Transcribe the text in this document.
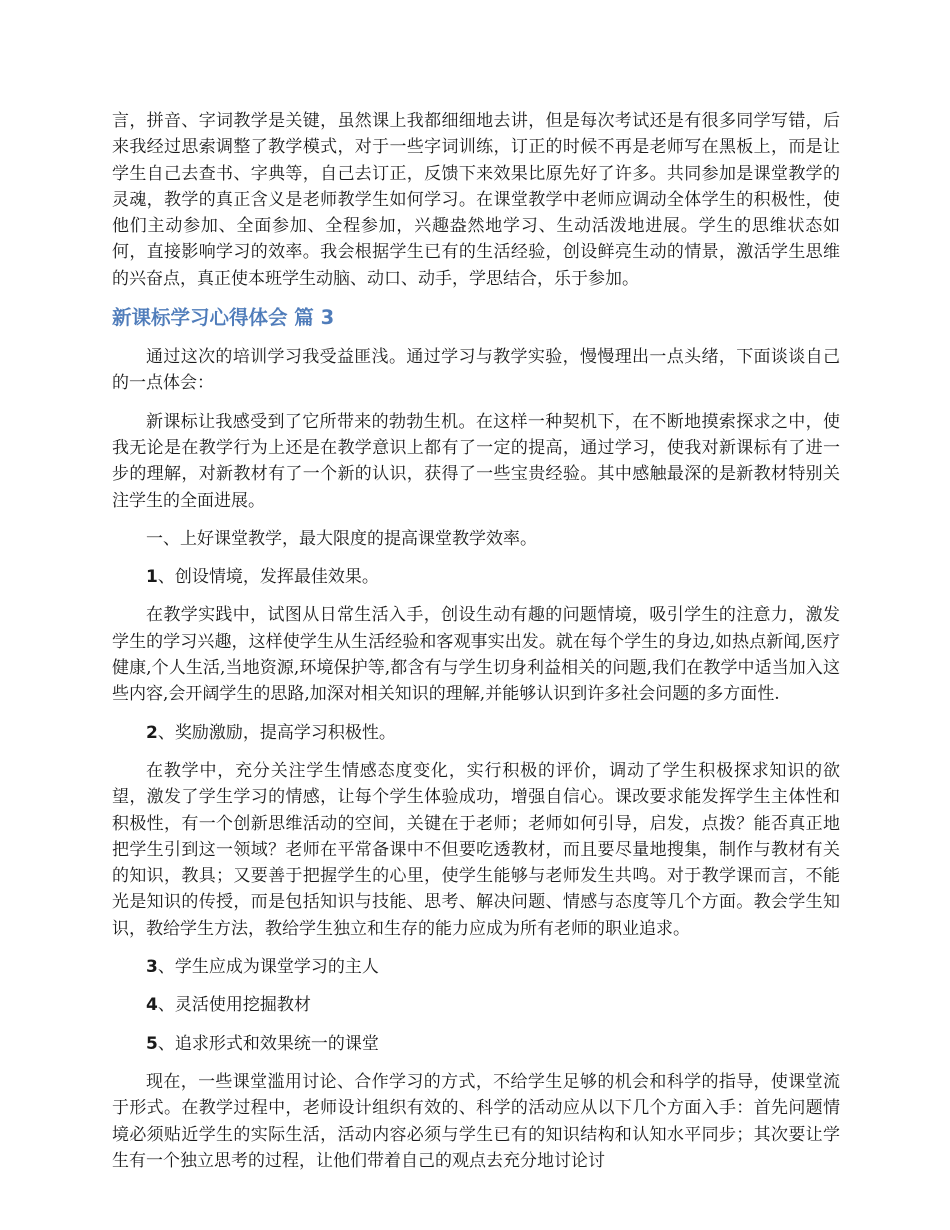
言，拼音、字词教学是关键，虽然课上我都细细地去讲，但是每次考试还是有很多同学写错，后来我经过思索调整了教学模式，对于一些字词训练，订正的时候不再是老师写在黑板上，而是让学生自己去查书、字典等，自己去订正，反馈下来效果比原先好了许多。共同参加是课堂教学的灵魂，教学的真正含义是老师教学生如何学习。在课堂教学中老师应调动全体学生的积极性，使他们主动参加、全面参加、全程参加，兴趣盎然地学习、生动活泼地进展。学生的思维状态如何，直接影响学习的效率。我会根据学生已有的生活经验，创设鲜亮生动的情景，激活学生思维的兴奋点，真正使本班学生动脑、动口、动手，学思结合，乐于参加。

新课标学习心得体会 篇 3

通过这次的培训学习我受益匪浅。通过学习与教学实验，慢慢理出一点头绪，下面谈谈自己的一点体会：

新课标让我感受到了它所带来的勃勃生机。在这样一种契机下，在不断地摸索探求之中，使我无论是在教学行为上还是在教学意识上都有了一定的提高，通过学习，使我对新课标有了进一步的理解，对新教材有了一个新的认识，获得了一些宝贵经验。其中感触最深的是新教材特别关注学生的全面进展。

一、上好课堂教学，最大限度的提高课堂教学效率。

1、创设情境，发挥最佳效果。

在教学实践中，试图从日常生活入手，创设生动有趣的问题情境，吸引学生的注意力，激发学生的学习兴趣，这样使学生从生活经验和客观事实出发。就在每个学生的身边,如热点新闻,医疗健康,个人生活,当地资源,环境保护等,都含有与学生切身利益相关的问题,我们在教学中适当加入这些内容,会开阔学生的思路,加深对相关知识的理解,并能够认识到许多社会问题的多方面性.

2、奖励激励，提高学习积极性。

在教学中，充分关注学生情感态度变化，实行积极的评价，调动了学生积极探求知识的欲望，激发了学生学习的情感，让每个学生体验成功，增强自信心。课改要求能发挥学生主体性和积极性，有一个创新思维活动的空间，关键在于老师；老师如何引导，启发，点拨？能否真正地把学生引到这一领域？老师在平常备课中不但要吃透教材，而且要尽量地搜集，制作与教材有关的知识，教具；又要善于把握学生的心里，使学生能够与老师发生共鸣。对于教学课而言，不能光是知识的传授，而是包括知识与技能、思考、解决问题、情感与态度等几个方面。教会学生知识，教给学生方法，教给学生独立和生存的能力应成为所有老师的职业追求。

3、学生应成为课堂学习的主人

4、灵活使用挖掘教材

5、追求形式和效果统一的课堂

现在，一些课堂滥用讨论、合作学习的方式，不给学生足够的机会和科学的指导，使课堂流于形式。在教学过程中，老师设计组织有效的、科学的活动应从以下几个方面入手：首先问题情境必须贴近学生的实际生活，活动内容必须与学生已有的知识结构和认知水平同步；其次要让学生有一个独立思考的过程，让他们带着自己的观点去充分地讨论讨
